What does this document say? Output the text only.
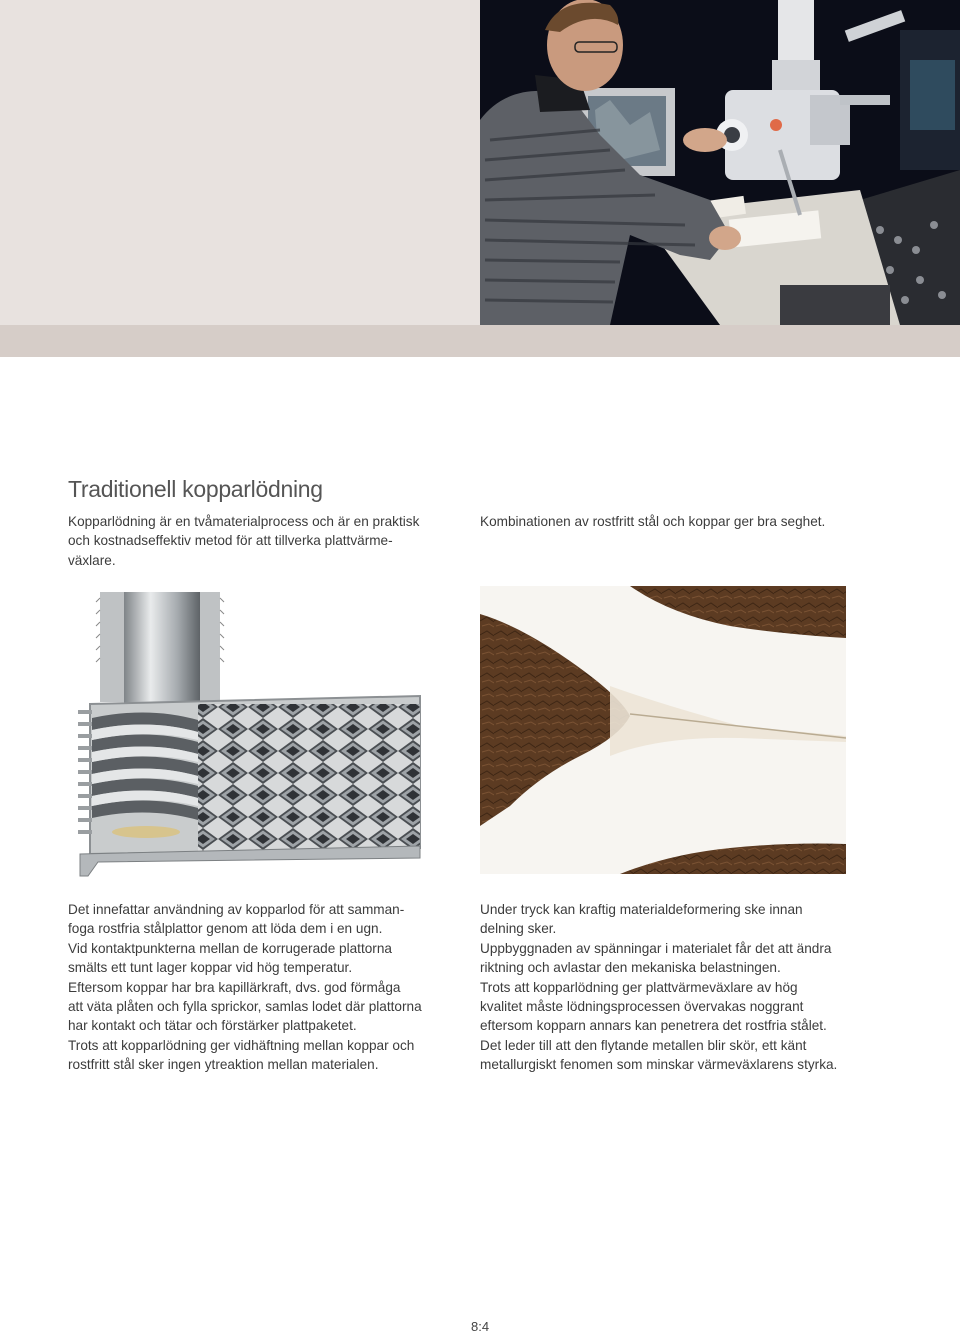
Traditionell kopparlödning

Kopparlödning är en tvåmaterialprocess och är en praktisk

och kostnadseffektiv metod för att tillverka plattvärme-

växlare.

Kombinationen av rostfritt stål och koppar ger bra seghet.

Det innefattar användning av kopparlod för att samman-

foga rostfria stålplattor genom att löda dem i en ugn.

Vid kontaktpunkterna mellan de korrugerade plattorna

smälts ett tunt lager koppar vid hög temperatur.

Eftersom koppar har bra kapillärkraft, dvs. god förmåga

att väta plåten och fylla sprickor, samlas lodet där plattorna

har kontakt och tätar och förstärker plattpaketet.

Trots att kopparlödning ger vidhäftning mellan koppar och

rostfritt stål sker ingen ytreaktion mellan materialen.

Under tryck kan kraftig materialdeformering ske innan

delning sker.

Uppbyggnaden av spänningar i materialet får det att ändra

riktning och avlastar den mekaniska belastningen.

Trots att kopparlödning ger plattvärmeväxlare av hög

kvalitet måste lödningsprocessen övervakas noggrant

eftersom kopparn annars kan penetrera det rostfria stålet.

Det leder till att den flytande metallen blir skör, ett känt

metallurgiskt fenomen som minskar värmeväxlarens styrka.

8:4
